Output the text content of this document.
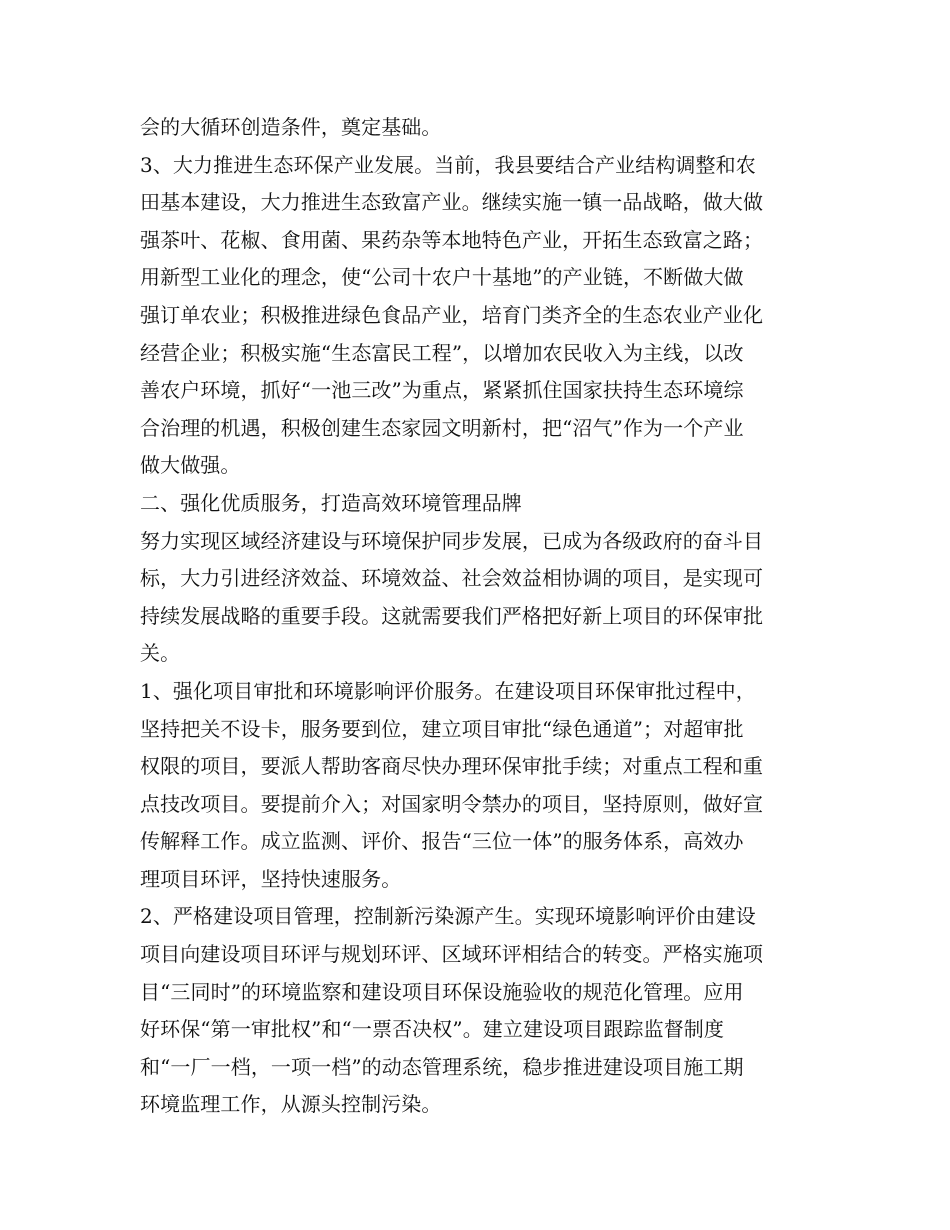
会的大循环创造条件，奠定基础。
3、大力推进生态环保产业发展。当前，我县要结合产业结构调整和农
田基本建设，大力推进生态致富产业。继续实施一镇一品战略，做大做
强茶叶、花椒、食用菌、果药杂等本地特色产业，开拓生态致富之路；
用新型工业化的理念，使“公司十农户十基地”的产业链，不断做大做
强订单农业；积极推进绿色食品产业，培育门类齐全的生态农业产业化
经营企业；积极实施“生态富民工程”，以增加农民收入为主线，以改
善农户环境，抓好“一池三改”为重点，紧紧抓住国家扶持生态环境综
合治理的机遇，积极创建生态家园文明新村，把“沼气”作为一个产业
做大做强。
二、强化优质服务，打造高效环境管理品牌
努力实现区域经济建设与环境保护同步发展，已成为各级政府的奋斗目
标，大力引进经济效益、环境效益、社会效益相协调的项目，是实现可
持续发展战略的重要手段。这就需要我们严格把好新上项目的环保审批
关。
1、强化项目审批和环境影响评价服务。在建设项目环保审批过程中，
坚持把关不设卡，服务要到位，建立项目审批“绿色通道”；对超审批
权限的项目，要派人帮助客商尽快办理环保审批手续；对重点工程和重
点技改项目。要提前介入；对国家明令禁办的项目，坚持原则，做好宣
传解释工作。成立监测、评价、报告“三位一体”的服务体系，高效办
理项目环评，坚持快速服务。
2、严格建设项目管理，控制新污染源产生。实现环境影响评价由建设
项目向建设项目环评与规划环评、区域环评相结合的转变。严格实施项
目“三同时”的环境监察和建设项目环保设施验收的规范化管理。应用
好环保“第一审批权”和“一票否决权”。建立建设项目跟踪监督制度
和“一厂一档，一项一档”的动态管理系统，稳步推进建设项目施工期
环境监理工作，从源头控制污染。
